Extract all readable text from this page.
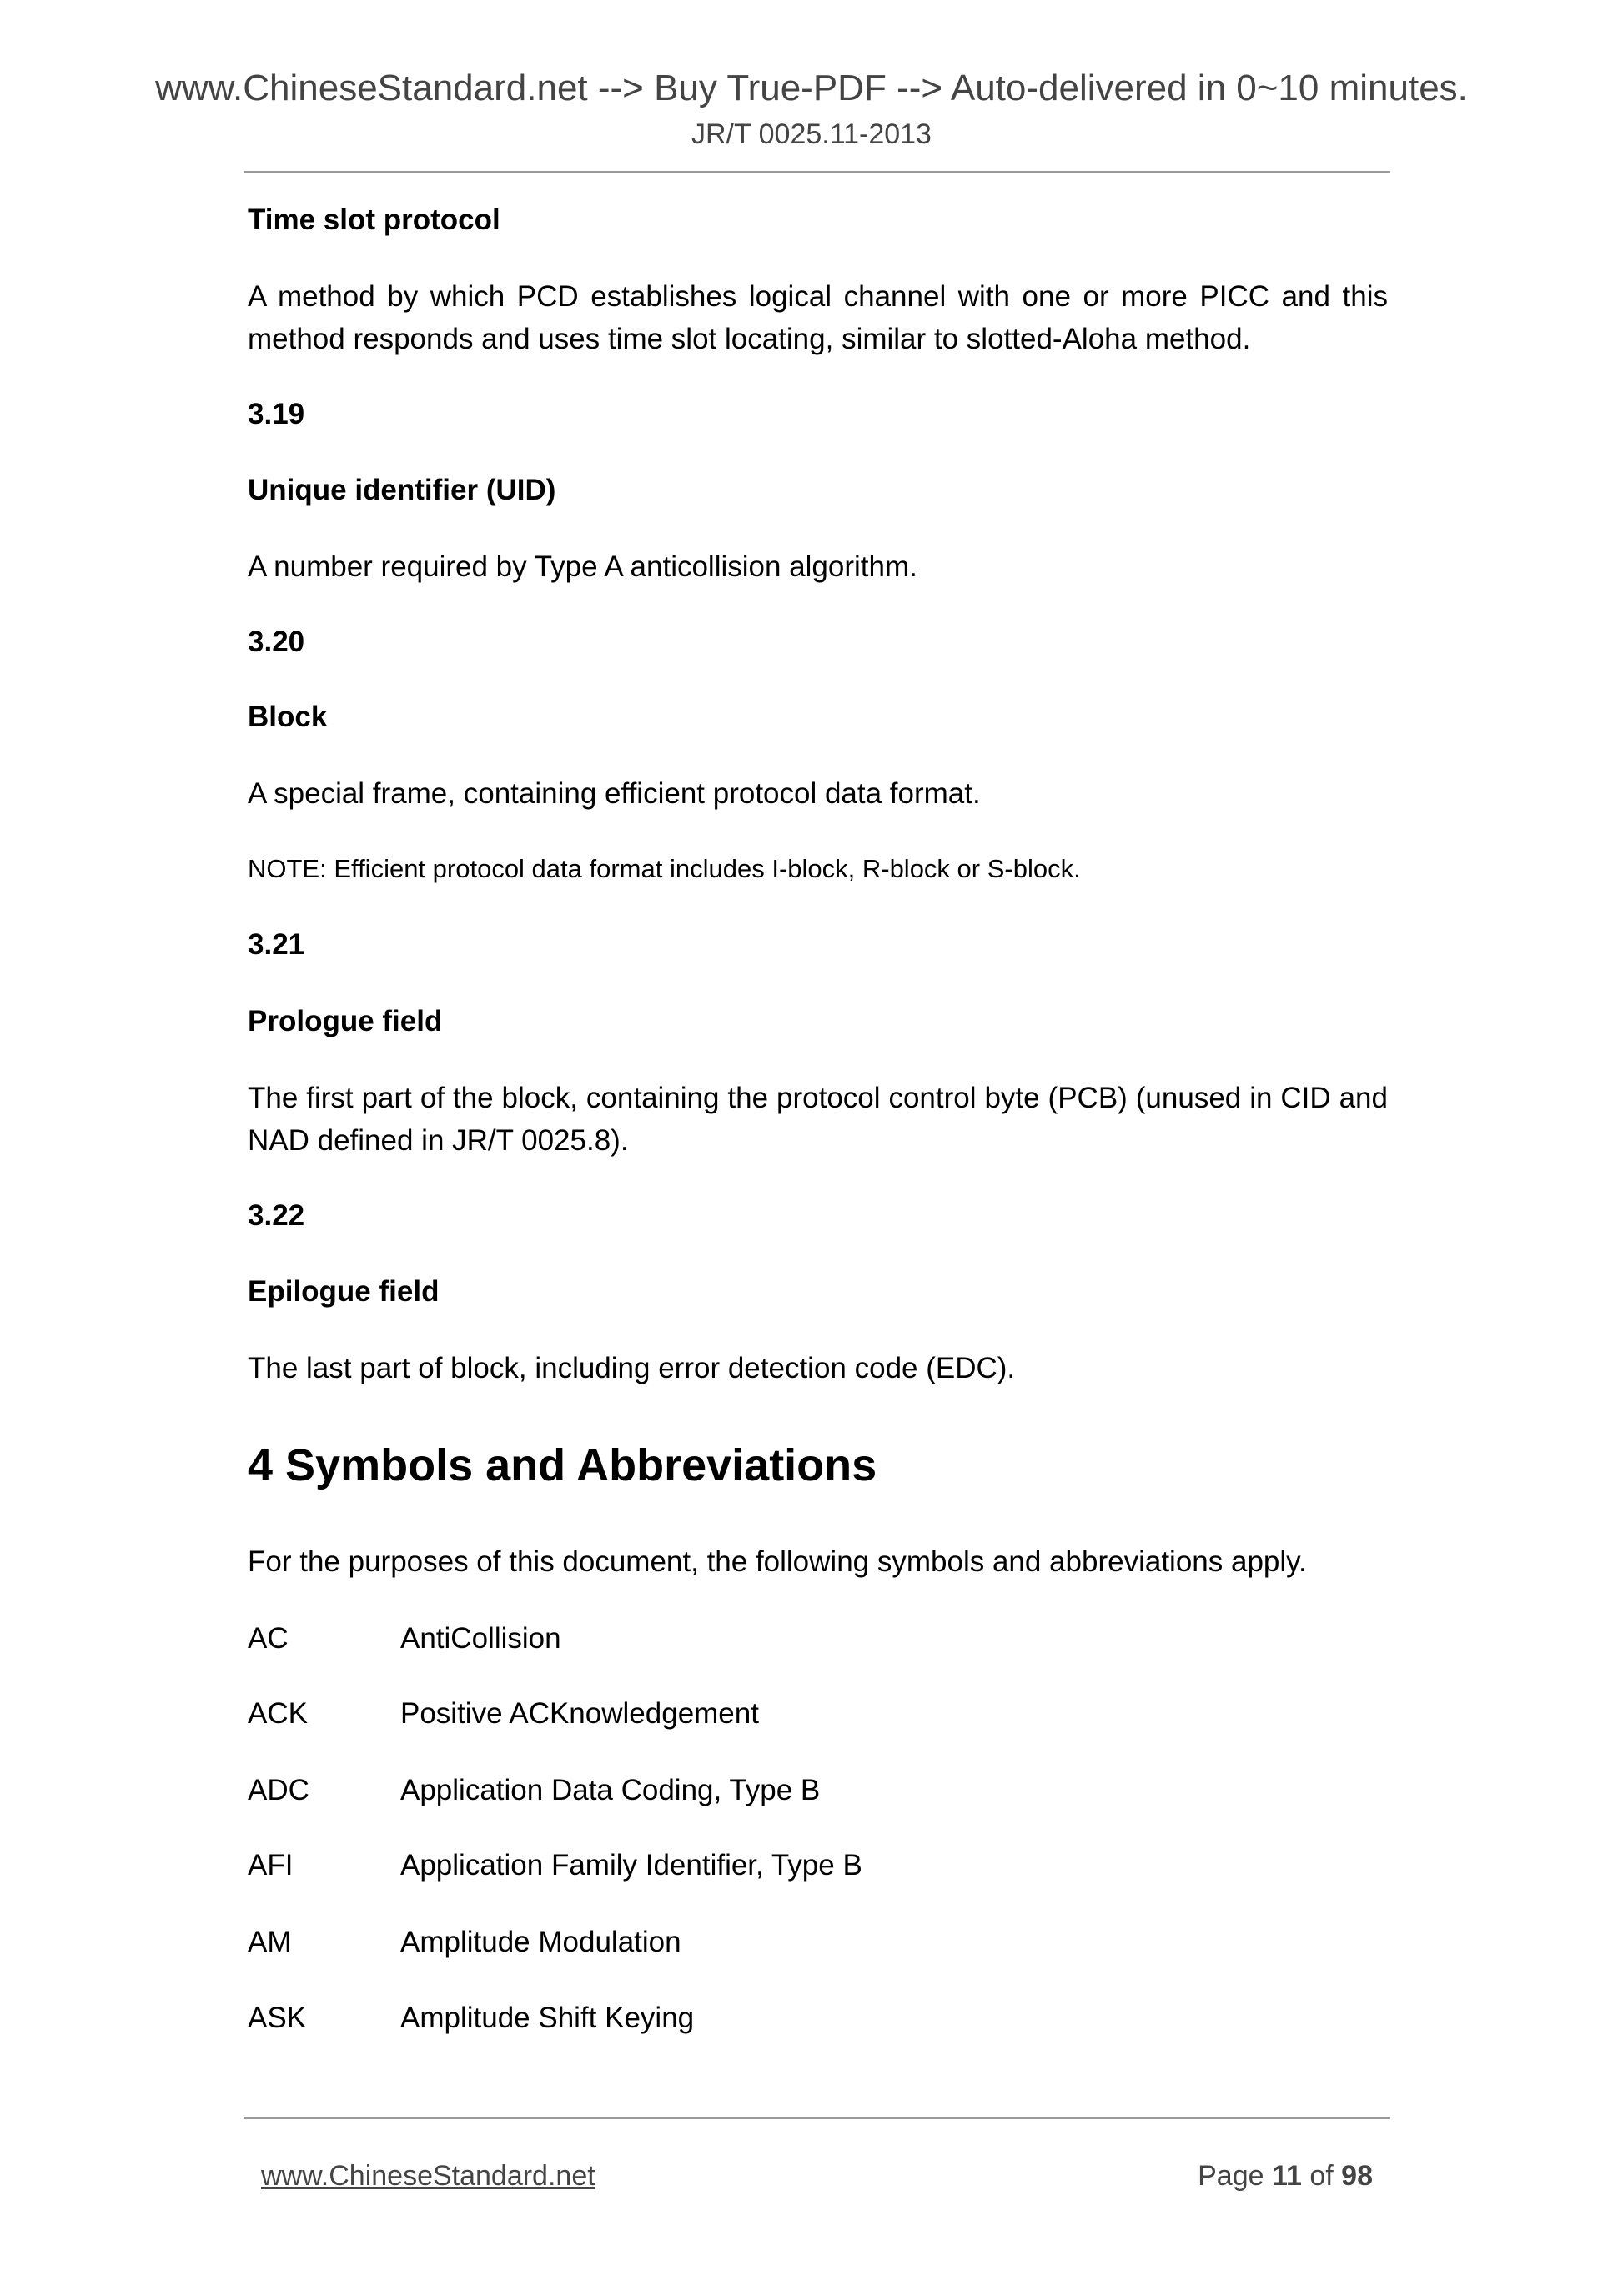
www.ChineseStandard.net --> Buy True-PDF --> Auto-delivered in 0~10 minutes.
JR/T 0025.11-2013
Time slot protocol
A method by which PCD establishes logical channel with one or more PICC and this method responds and uses time slot locating, similar to slotted-Aloha method.
3.19
Unique identifier (UID)
A number required by Type A anticollision algorithm.
3.20
Block
A special frame, containing efficient protocol data format.
NOTE: Efficient protocol data format includes I-block, R-block or S-block.
3.21
Prologue field
The first part of the block, containing the protocol control byte (PCB) (unused in CID and NAD defined in JR/T 0025.8).
3.22
Epilogue field
The last part of block, including error detection code (EDC).
4 Symbols and Abbreviations
For the purposes of this document, the following symbols and abbreviations apply.
AC	AntiCollision
ACK	Positive ACKnowledgement
ADC	Application Data Coding, Type B
AFI	Application Family Identifier, Type B
AM	Amplitude Modulation
ASK	Amplitude Shift Keying
www.ChineseStandard.net	Page 11 of 98
